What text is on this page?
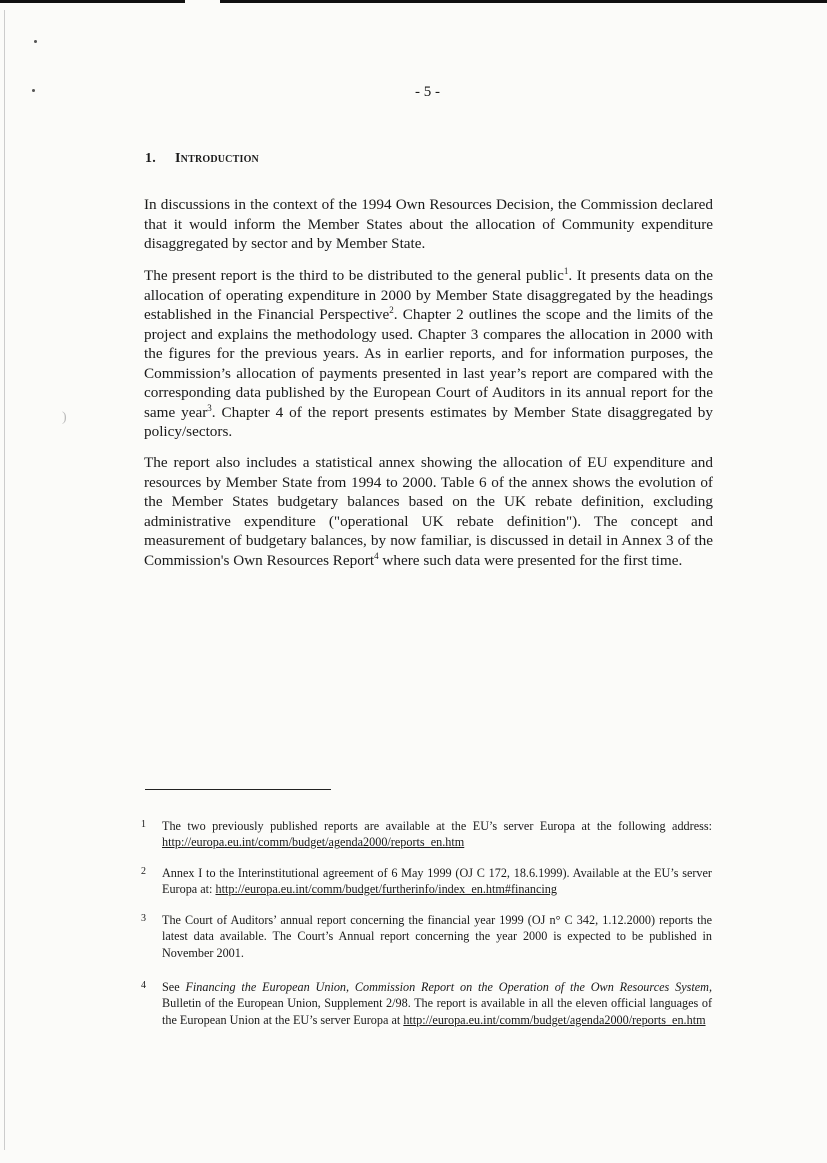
)
- 5 -
1. Introduction

In discussions in the context of the 1994 Own Resources Decision, the Commission declared that it would inform the Member States about the allocation of Community expenditure disaggregated by sector and by Member State.

The present report is the third to be distributed to the general public$^1$. It presents data on the allocation of operating expenditure in 2000 by Member State disaggregated by the headings established in the Financial Perspective$^2$. Chapter 2 outlines the scope and the limits of the project and explains the methodology used. Chapter 3 compares the allocation in 2000 with the figures for the previous years. As in earlier reports, and for information purposes, the Commission’s allocation of payments presented in last year’s report are compared with the corresponding data published by the European Court of Auditors in its annual report for the same year$^3$. Chapter 4 of the report presents estimates by Member State disaggregated by policy/sectors.

The report also includes a statistical annex showing the allocation of EU expenditure and resources by Member State from 1994 to 2000. Table 6 of the annex shows the evolution of the Member States budgetary balances based on the UK rebate definition, excluding administrative expenditure ("operational UK rebate definition"). The concept and measurement of budgetary balances, by now familiar, is discussed in detail in Annex 3 of the Commission's Own Resources Report$^4$ where such data were presented for the first time.

1 The two previously published reports are available at the EU’s server Europa at the following address: http://europa.eu.int/comm/budget/agenda2000/reports_en.htm
2 Annex I to the Interinstitutional agreement of 6 May 1999 (OJ C 172, 18.6.1999). Available at the EU’s server Europa at: http://europa.eu.int/comm/budget/furtherinfo/index_en.htm#financing
3 The Court of Auditors’ annual report concerning the financial year 1999 (OJ n° C 342, 1.12.2000) reports the latest data available. The Court’s Annual report concerning the year 2000 is expected to be published in November 2001.
4 See Financing the European Union, Commission Report on the Operation of the Own Resources System, Bulletin of the European Union, Supplement 2/98. The report is available in all the eleven official languages of the European Union at the EU’s server Europa at http://europa.eu.int/comm/budget/agenda2000/reports_en.htm
